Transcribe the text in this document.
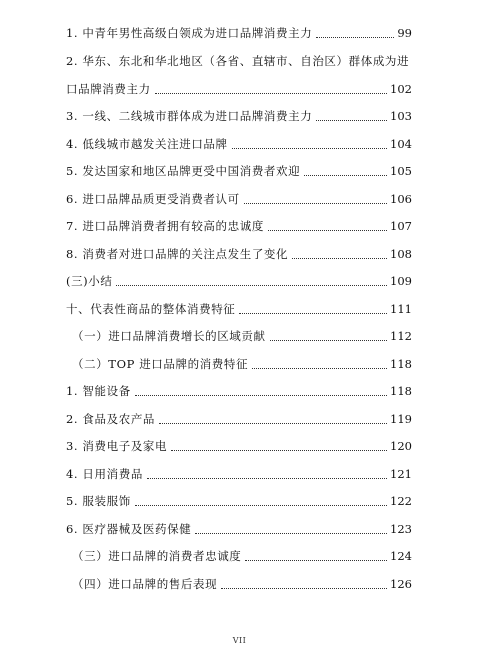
1. 中青年男性高级白领成为进口品牌消费主力	99
2. 华东、东北和华北地区（各省、直辖市、自治区）群体成为进
口品牌消费主力	102
3. 一线、二线城市群体成为进口品牌消费主力	103
4. 低线城市越发关注进口品牌	104
5. 发达国家和地区品牌更受中国消费者欢迎	105
6. 进口品牌品质更受消费者认可	106
7. 进口品牌消费者拥有较高的忠诚度	107
8. 消费者对进口品牌的关注点发生了变化	108
(三)小结	109
十、代表性商品的整体消费特征	111
（一）进口品牌消费增长的区域贡献	112
（二）TOP 进口品牌的消费特征	118
1. 智能设备	118
2. 食品及农产品	119
3. 消费电子及家电	120
4. 日用消费品	121
5. 服装服饰	122
6. 医疗器械及医药保健	123
（三）进口品牌的消费者忠诚度	124
（四）进口品牌的售后表现	126
VII
